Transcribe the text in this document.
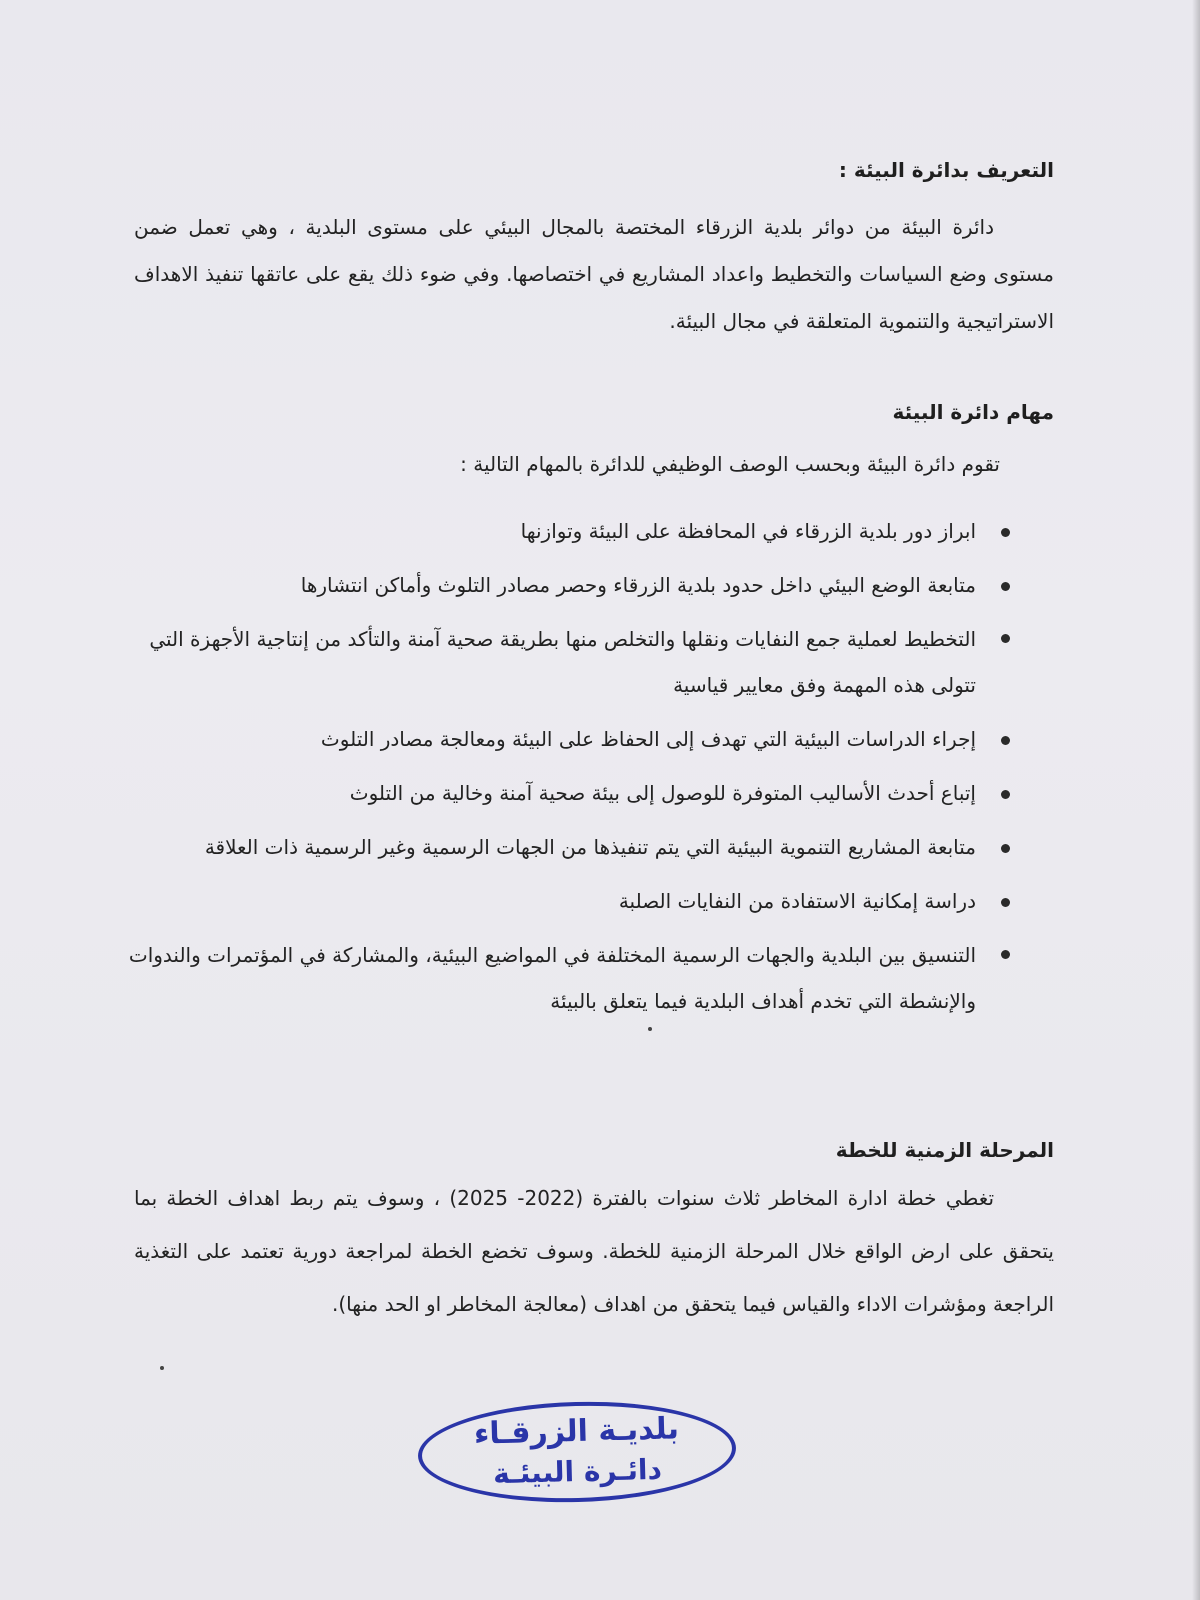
التعريف بدائرة البيئة :
دائرة البيئة من دوائر بلدية الزرقاء المختصة بالمجال البيئي على مستوى البلدية ، وهي تعمل ضمن مستوى وضع السياسات والتخطيط واعداد المشاريع في اختصاصها. وفي ضوء ذلك يقع على عاتقها تنفيذ الاهداف الاستراتيجية والتنموية المتعلقة في مجال البيئة.
مهام دائرة البيئة
تقوم دائرة البيئة وبحسب الوصف الوظيفي للدائرة بالمهام التالية :
ابراز دور بلدية الزرقاء في المحافظة على البيئة وتوازنها
متابعة الوضع البيئي داخل حدود بلدية الزرقاء وحصر مصادر التلوث وأماكن انتشارها
التخطيط لعملية جمع النفايات ونقلها والتخلص منها بطريقة صحية آمنة والتأكد من إنتاجية الأجهزة التي تتولى هذه المهمة وفق معايير قياسية
إجراء الدراسات البيئية التي تهدف إلى الحفاظ على البيئة ومعالجة مصادر التلوث
إتباع أحدث الأساليب المتوفرة للوصول إلى بيئة صحية آمنة وخالية من التلوث
متابعة المشاريع التنموية البيئية التي يتم تنفيذها من الجهات الرسمية وغير الرسمية ذات العلاقة
دراسة إمكانية الاستفادة من النفايات الصلبة
التنسيق بين البلدية والجهات الرسمية المختلفة في المواضيع البيئية، والمشاركة في المؤتمرات والندوات والإنشطة التي تخدم أهداف البلدية فيما يتعلق بالبيئة
المرحلة الزمنية للخطة
تغطي خطة ادارة المخاطر ثلاث سنوات بالفترة (2022- 2025) ، وسوف يتم ربط اهداف الخطة بما يتحقق على ارض الواقع خلال المرحلة الزمنية للخطة. وسوف تخضع الخطة لمراجعة دورية تعتمد على التغذية الراجعة ومؤشرات الاداء والقياس فيما يتحقق من اهداف (معالجة المخاطر او الحد منها).
بلديـة الزرقـاء
دائـرة البيئـة
